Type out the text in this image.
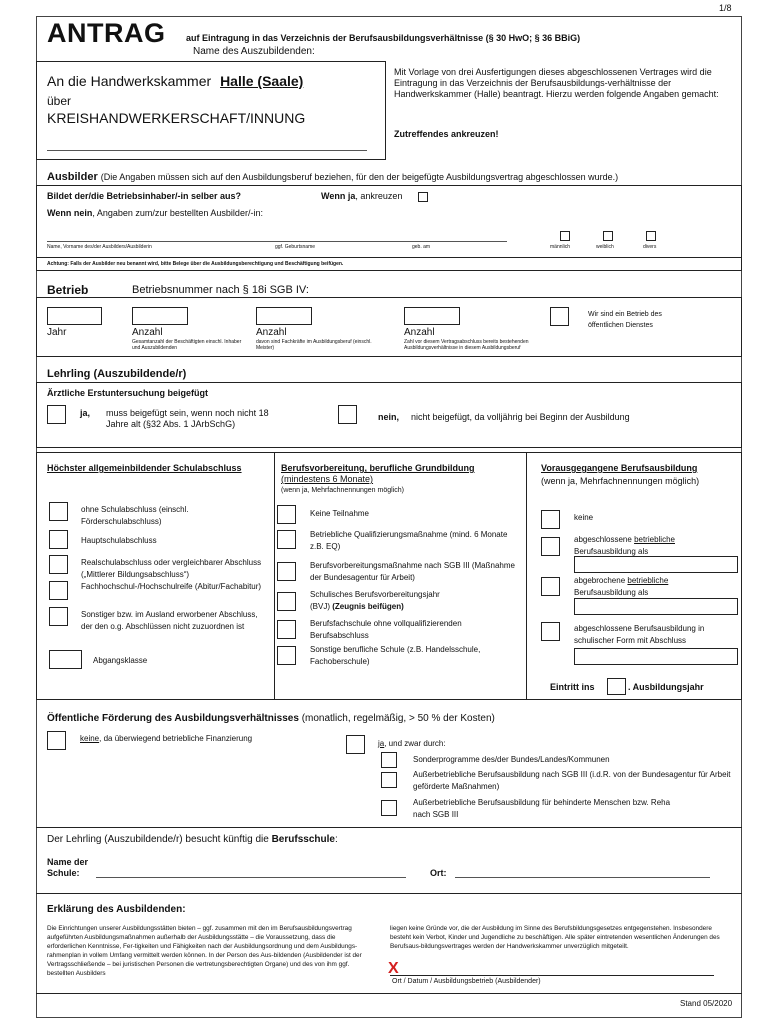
1/8
ANTRAG auf Eintragung in das Verzeichnis der Berufsausbildungsverhältnisse (§ 30 HwO; § 36 BBiG)
Name des Auszubildenden:
An die Handwerkskammer Halle (Saale)
über
KREISHANDWERKERSCHAFT/INNUNG
Mit Vorlage von drei Ausfertigungen dieses abgeschlossenen Vertrages wird die Eintragung in das Verzeichnis der Berufsausbildungs-verhältnisse der Handwerkskammer (Halle) beantragt. Hierzu werden folgende Angaben gemacht:
Zutreffendes ankreuzen!
Ausbilder (Die Angaben müssen sich auf den Ausbildungsberuf beziehen, für den der beigefügte Ausbildungsvertrag abgeschlossen wurde.)
Bildet der/die Betriebsinhaber/-in selber aus?	Wenn ja, ankreuzen
Wenn nein, Angaben zum/zur bestellten Ausbilder/-in:
Name, Vorname des/der Ausbilders/Ausbilderin	ggf. Geburtsname	geb. am	männlich	weiblich	divers
Achtung: Falls der Ausbilder neu benannt wird, bitte Belege über die Ausbildungsberechtigung und Beschäftigung beifügen.
Betrieb	Betriebsnummer nach § 18i SGB IV:
Wir sind ein Betrieb des öffentlichen Dienstes
Jahr	Anzahl	Anzahl	Anzahl
Gesamtanzahl der Beschäftigten einschl. Inhaber und Auszubildenden
davon sind Fachkräfte im Ausbildungsberuf (einschl. Meister)
Zahl vor diesem Vertragsabschluss bereits bestehenden Ausbildungsverhältnisse in diesem Ausbildungsberuf
Lehrling (Auszubildende/r)
Ärztliche Erstuntersuchung beigefügt
ja, muss beigefügt sein, wenn noch nicht 18 Jahre alt (§32 Abs. 1 JArbSchG)
nein, nicht beigefügt, da volljährig bei Beginn der Ausbildung
Höchster allgemeinbildender Schulabschluss
ohne Schulabschluss (einschl. Förderschulabschluss)
Hauptschulabschluss
Realschulabschluss oder vergleichbarer Abschluss („Mittlerer Bildungsabschluss“)
Fachhochschul-/Hochschulreife (Abitur/Fachabitur)
Sonstiger bzw. im Ausland erworbener Abschluss, der den o.g. Abschlüssen nicht zuzuordnen ist
Abgangsklasse
Berufsvorbereitung, berufliche Grundbildung
(mindestens 6 Monate)
(wenn ja, Mehrfachnennungen möglich)
Keine Teilnahme
Betriebliche Qualifizierungsmaßnahme (mind. 6 Monate z.B. EQ)
Berufsvorbereitungsmaßnahme nach SGB III (Maßnahme der Bundesagentur für Arbeit)
Schulisches Berufsvorbereitungsjahr
(BVJ) (Zeugnis beifügen)
Berufsfachschule ohne vollqualifizierenden Berufsabschluss
Sonstige berufliche Schule (z.B. Handelsschule, Fachoberschule)
Vorausgegangene Berufsausbildung
(wenn ja, Mehrfachnennungen möglich)
keine
abgeschlossene betriebliche
Berufsausbildung als
abgebrochene betriebliche
Berufsausbildung als
abgeschlossene Berufsausbildung in schulischer Form mit Abschluss
Eintritt ins	. Ausbildungsjahr
Öffentliche Förderung des Ausbildungsverhältnisses (monatlich, regelmäßig, > 50 % der Kosten)
keine, da überwiegend betriebliche Finanzierung
ja, und zwar durch:
Sonderprogramme des/der Bundes/Landes/Kommunen
Außerbetriebliche Berufsausbildung nach SGB III (i.d.R. von der Bundesagentur für Arbeit geförderte Maßnahmen)
Außerbetriebliche Berufsausbildung für behinderte Menschen bzw. Reha nach SGB III
Der Lehrling (Auszubildende/r) besucht künftig die Berufsschule:
Name der
Schule:	Ort:
Erklärung des Ausbildenden:
Die Einrichtungen unserer Ausbildungsstätten bieten – ggf. zusammen mit den im Berufsausbildungsvertrag aufgeführten Ausbildungsmaßnahmen außerhalb der Ausbildungsstätte – die Voraussetzung, dass die erforderlichen Kenntnisse, Fer-tigkeiten und Fähigkeiten nach der Ausbildungsordnung und dem Ausbildungs-rahmenplan in vollem Umfang vermittelt werden können. In der Person des Aus-bildenden (Ausbildender ist der Vertragsschließende – bei juristischen Personen die vertretungsberechtigten Organe) und des von ihm ggf. bestellten Ausbilders
liegen keine Gründe vor, die der Ausbildung im Sinne des Berufsbildungsgesetzes entgegenstehen. Insbesondere besteht kein Verbot, Kinder und Jugendliche zu beschäftigen. Alle später eintretenden wesentlichen Änderungen des Berufsaus-bildungsvertrages werden der Handwerkskammer unverzüglich mitgeteilt.
X
Ort / Datum / Ausbildungsbetrieb (Ausbildender)
Stand 05/2020
